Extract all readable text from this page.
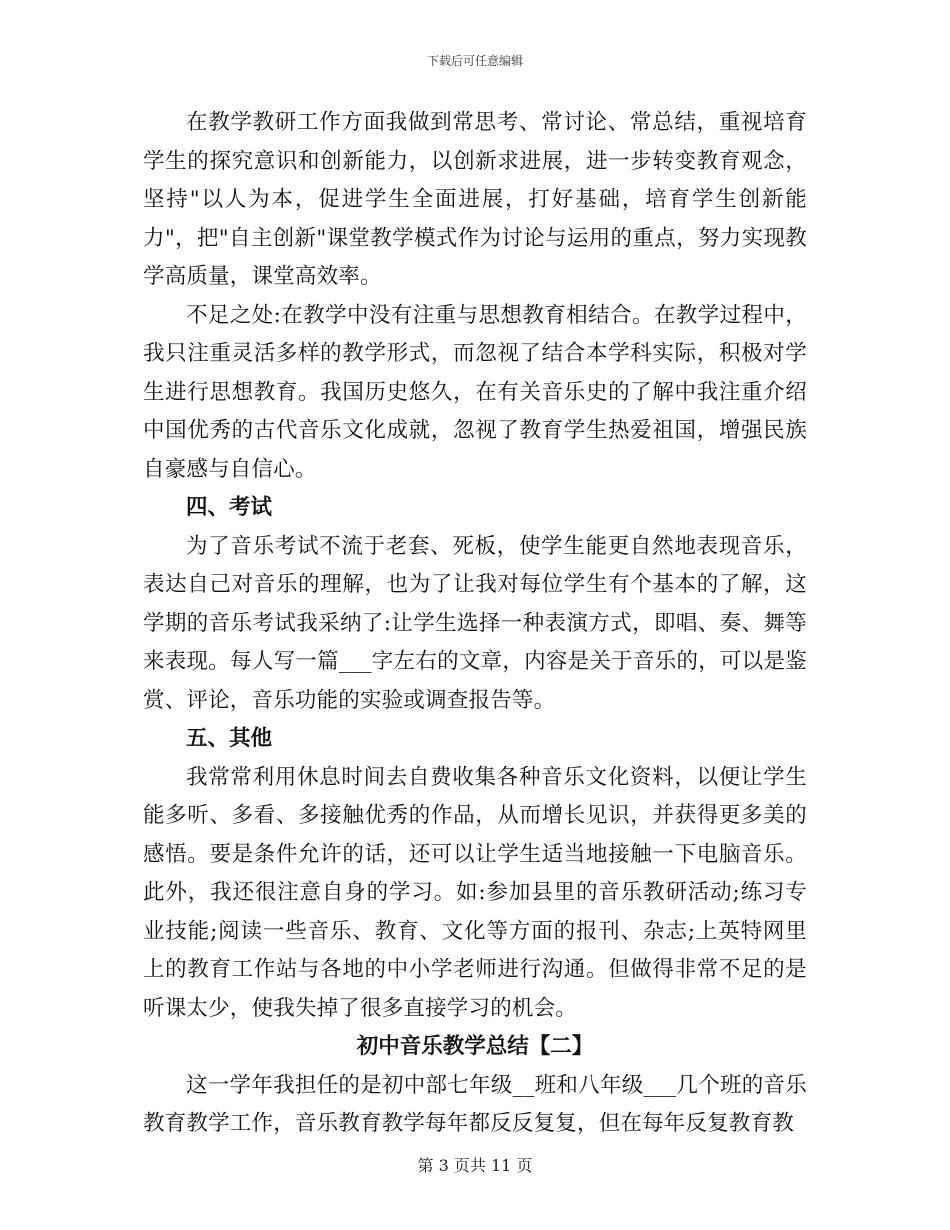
下载后可任意编辑

在教学教研工作方面我做到常思考、常讨论、常总结，重视培育学生的探究意识和创新能力，以创新求进展，进一步转变教育观念，坚持"以人为本，促进学生全面进展，打好基础，培育学生创新能力"，把"自主创新"课堂教学模式作为讨论与运用的重点，努力实现教学高质量，课堂高效率。

不足之处:在教学中没有注重与思想教育相结合。在教学过程中，我只注重灵活多样的教学形式，而忽视了结合本学科实际，积极对学生进行思想教育。我国历史悠久，在有关音乐史的了解中我注重介绍中国优秀的古代音乐文化成就，忽视了教育学生热爱祖国，增强民族自豪感与自信心。

四、考试

为了音乐考试不流于老套、死板，使学生能更自然地表现音乐，表达自己对音乐的理解，也为了让我对每位学生有个基本的了解，这学期的音乐考试我采纳了:让学生选择一种表演方式，即唱、奏、舞等来表现。每人写一篇___字左右的文章，内容是关于音乐的，可以是鉴赏、评论，音乐功能的实验或调查报告等。

五、其他

我常常利用休息时间去自费收集各种音乐文化资料，以便让学生能多听、多看、多接触优秀的作品，从而增长见识，并获得更多美的感悟。要是条件允许的话，还可以让学生适当地接触一下电脑音乐。此外，我还很注意自身的学习。如:参加县里的音乐教研活动;练习专业技能;阅读一些音乐、教育、文化等方面的报刊、杂志;上英特网里上的教育工作站与各地的中小学老师进行沟通。但做得非常不足的是听课太少，使我失掉了很多直接学习的机会。

初中音乐教学总结【二】

这一学年我担任的是初中部七年级__班和八年级___几个班的音乐教育教学工作，音乐教育教学每年都反反复复，但在每年反复教育教

第 3 页共 11 页
